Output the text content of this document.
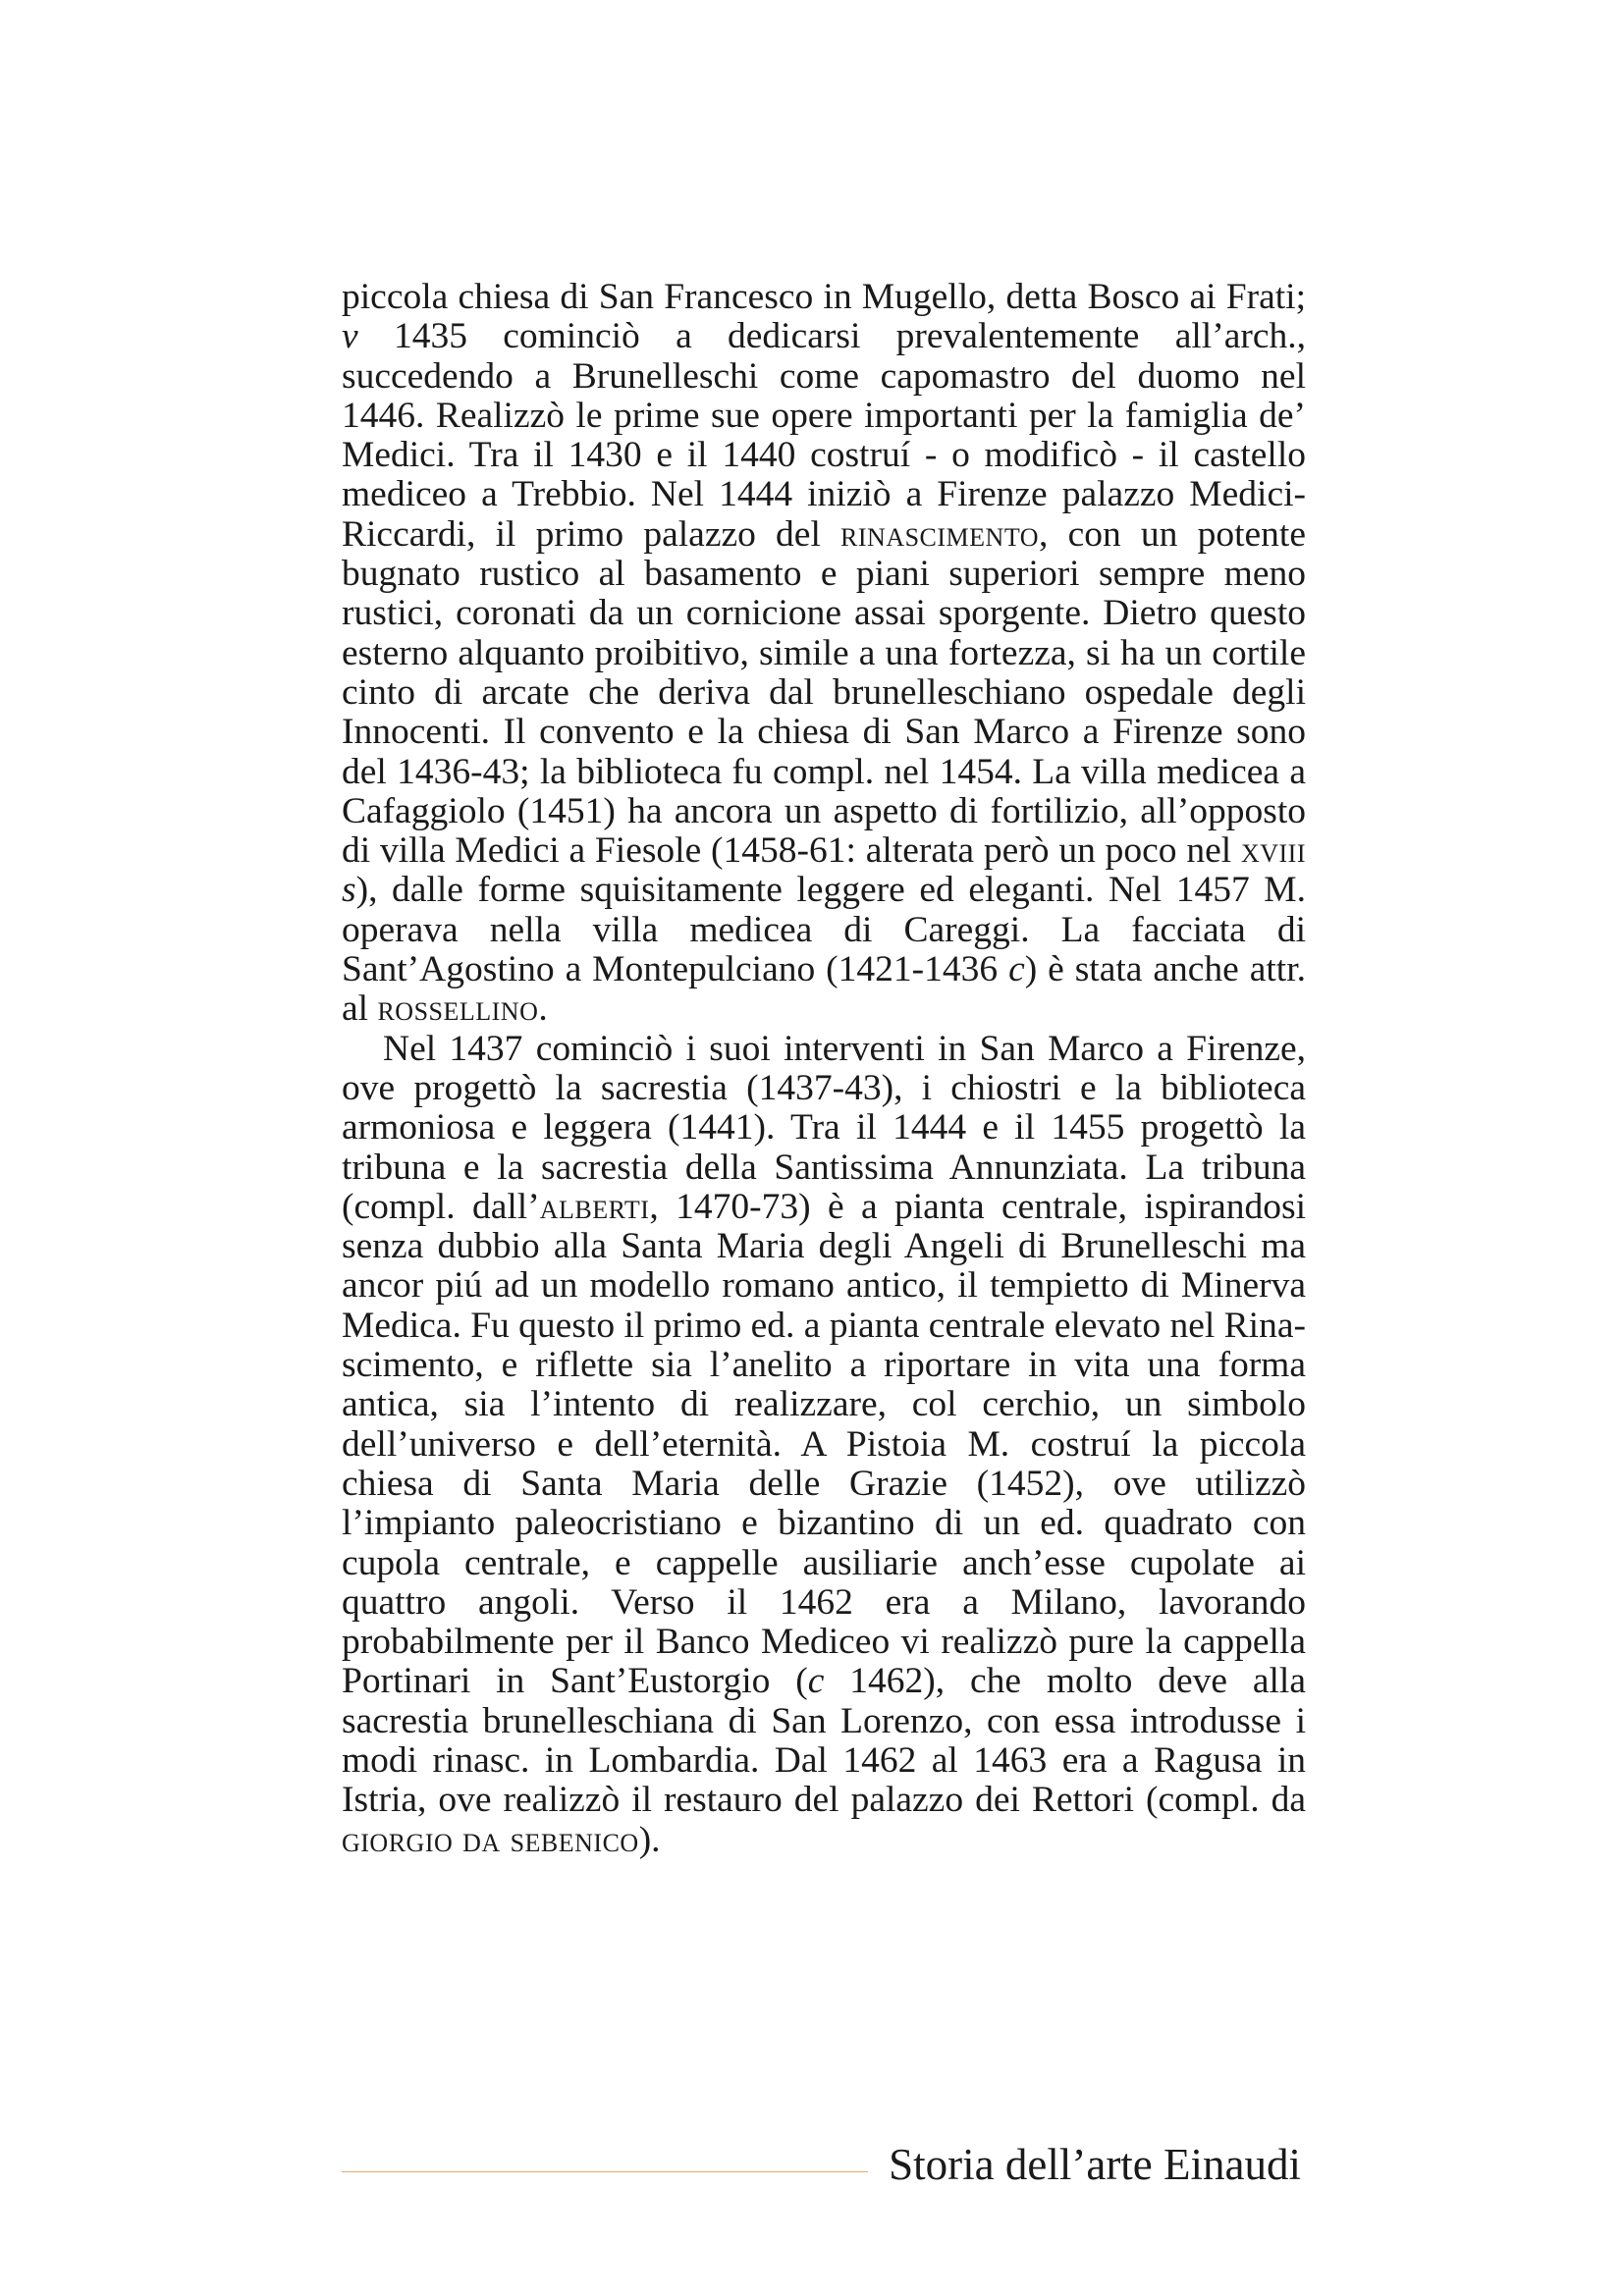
piccola chiesa di San Francesco in Mugello, detta Bosco ai Frati; v 1435 cominciò a dedicarsi prevalentemente all’arch., succedendo a Brunelleschi come capomastro del duomo nel 1446. Realizzò le prime sue opere importanti per la famiglia de’ Medici. Tra il 1430 e il 1440 costruí - o modificò - il castello mediceo a Trebbio. Nel 1444 iniziò a Firenze palazzo Medici-Riccardi, il primo palazzo del rinascimento, con un potente bugnato rustico al basamento e piani superiori sempre meno rustici, coronati da un cornicione assai sporgente. Dietro questo esterno alquanto proibitivo, simile a una fortezza, si ha un cortile cinto di arcate che deriva dal brunelleschiano ospedale degli Innocenti. Il convento e la chiesa di San Marco a Firenze sono del 1436-43; la biblioteca fu compl. nel 1454. La villa medicea a Cafaggiolo (1451) ha ancora un aspetto di fortilizio, all’opposto di villa Medici a Fiesole (1458-61: alterata però un poco nel xviii s), dalle forme squisitamente leggere ed eleganti. Nel 1457 M. operava nella villa medicea di Careggi. La facciata di Sant’Agostino a Montepulciano (1421-1436 c) è stata anche attr. al rossellino.

Nel 1437 cominciò i suoi interventi in San Marco a Firenze, ove progettò la sacrestia (1437-43), i chiostri e la biblioteca armoniosa e leggera (1441). Tra il 1444 e il 1455 progettò la tribuna e la sacrestia della Santissima Annunziata. La tribuna (compl. dall’alberti, 1470-73) è a pianta centrale, ispirandosi senza dubbio alla Santa Maria degli Angeli di Brunelleschi ma ancor piú ad un modello romano antico, il tempietto di Minerva Medica. Fu questo il primo ed. a pianta centrale elevato nel Rinascimento, e riflette sia l’anelito a riportare in vita una forma antica, sia l’intento di realizzare, col cerchio, un simbolo dell’universo e dell’eternità. A Pistoia M. costruí la piccola chiesa di Santa Maria delle Grazie (1452), ove utilizzò l’impianto paleocristiano e bizantino di un ed. quadrato con cupola centrale, e cappelle ausiliarie anch’esse cupolate ai quattro angoli. Verso il 1462 era a Milano, lavorando probabilmente per il Banco Mediceo vi realizzò pure la cappella Portinari in Sant’Eustorgio (c 1462), che molto deve alla sacrestia brunelleschiana di San Lorenzo, con essa introdusse i modi rinasc. in Lombardia. Dal 1462 al 1463 era a Ragusa in Istria, ove realizzò il restauro del palazzo dei Rettori (compl. da giorgio da sebenico).

Storia dell’arte Einaudi
